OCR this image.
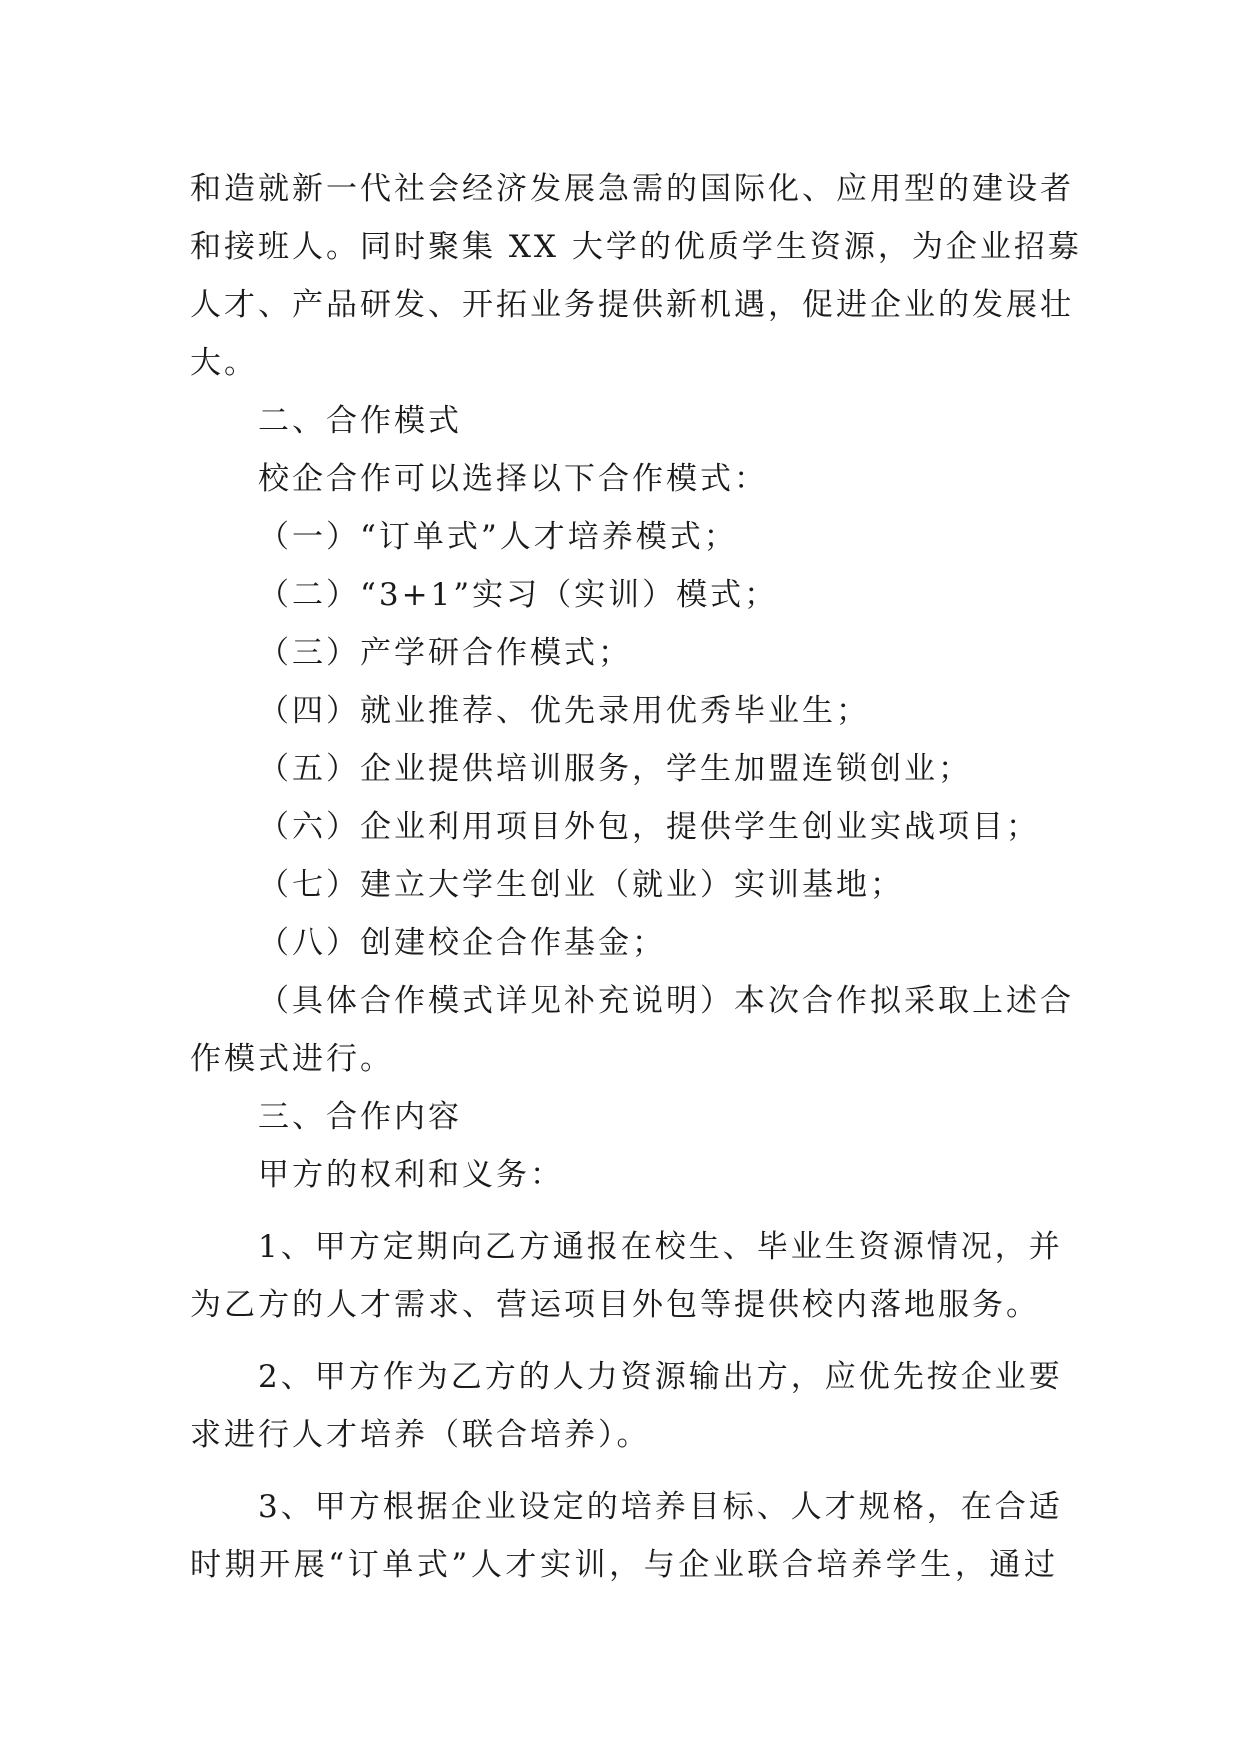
和造就新一代社会经济发展急需的国际化、应用型的建设者
和接班人。同时聚集 XX 大学的优质学生资源，为企业招募
人才、产品研发、开拓业务提供新机遇，促进企业的发展壮
大。
二、合作模式
校企合作可以选择以下合作模式：
（一）“订单式”人才培养模式；
（二）“3+1”实习（实训）模式；
（三）产学研合作模式；
（四）就业推荐、优先录用优秀毕业生；
（五）企业提供培训服务，学生加盟连锁创业；
（六）企业利用项目外包，提供学生创业实战项目；
（七）建立大学生创业（就业）实训基地；
（八）创建校企合作基金；
（具体合作模式详见补充说明）本次合作拟采取上述合
作模式进行。
三、合作内容
甲方的权利和义务：
1、甲方定期向乙方通报在校生、毕业生资源情况，并
为乙方的人才需求、营运项目外包等提供校内落地服务。
2、甲方作为乙方的人力资源输出方，应优先按企业要
求进行人才培养（联合培养）。
3、甲方根据企业设定的培养目标、人才规格，在合适
时期开展“订单式”人才实训，与企业联合培养学生，通过
